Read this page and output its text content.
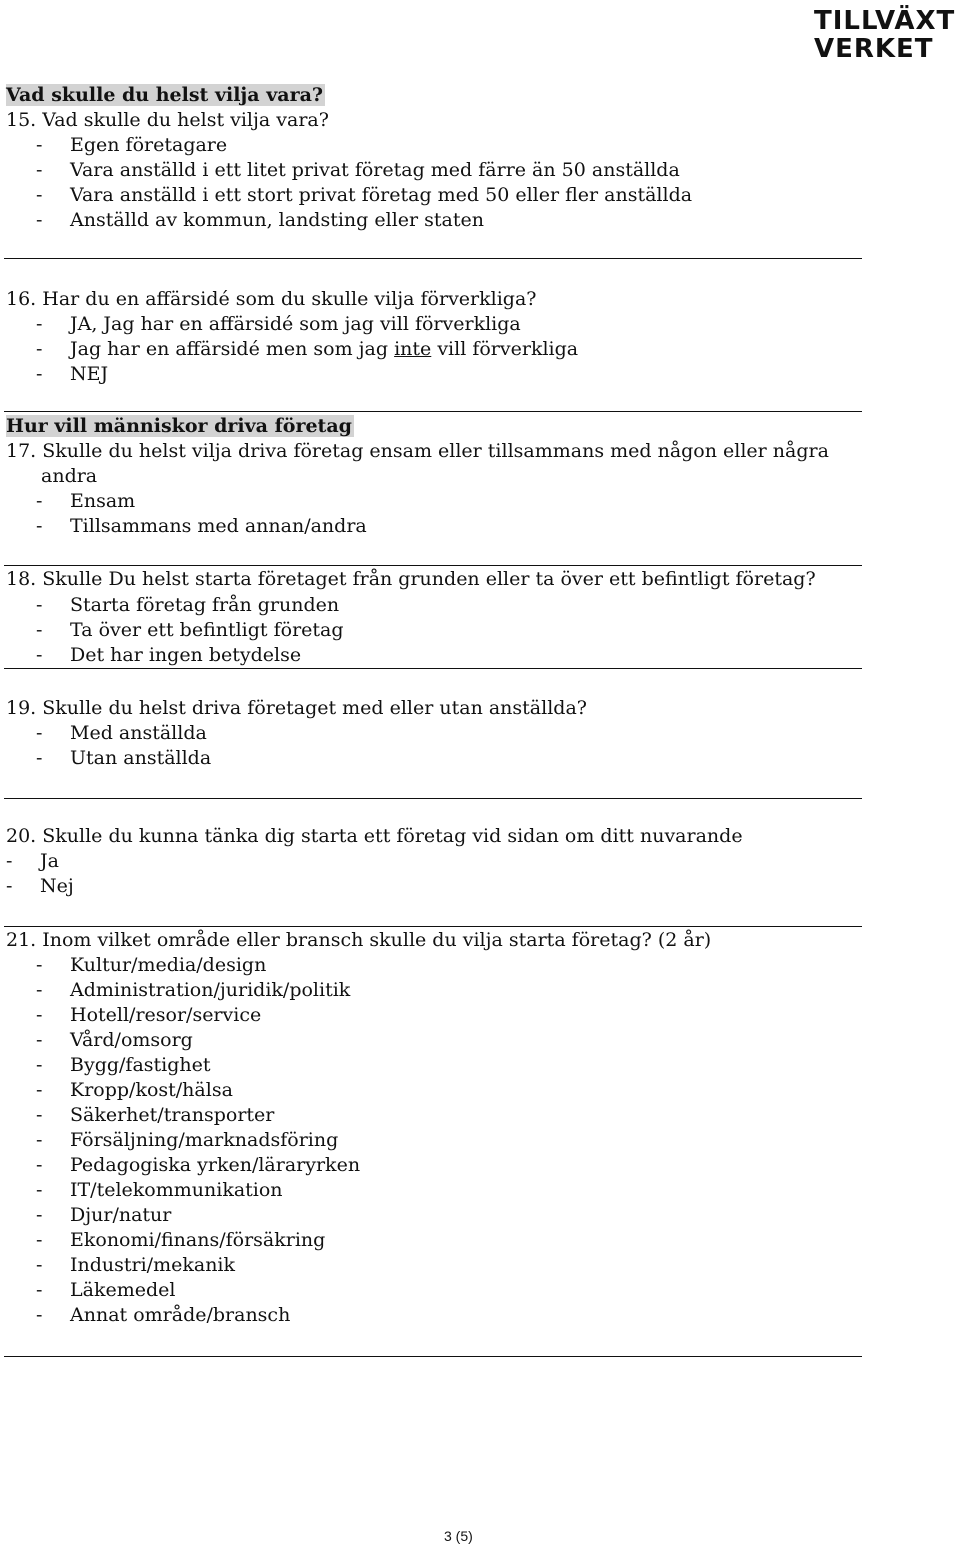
TILLVÄXT
VERKET
Vad skulle du helst vilja vara?
15. Vad skulle du helst vilja vara?
- Egen företagare
- Vara anställd i ett litet privat företag med färre än 50 anställda
- Vara anställd i ett stort privat företag med 50 eller fler anställda
- Anställd av kommun, landsting eller staten
16. Har du en affärsidé som du skulle vilja förverkliga?
- JA, Jag har en affärsidé som jag vill förverkliga
- Jag har en affärsidé men som jag inte vill förverkliga
- NEJ
Hur vill människor driva företag
17. Skulle du helst vilja driva företag ensam eller tillsammans med någon eller några
andra
- Ensam
- Tillsammans med annan/andra
18. Skulle Du helst starta företaget från grunden eller ta över ett befintligt företag?
- Starta företag från grunden
- Ta över ett befintligt företag
- Det har ingen betydelse
19. Skulle du helst driva företaget med eller utan anställda?
- Med anställda
- Utan anställda
20. Skulle du kunna tänka dig starta ett företag vid sidan om ditt nuvarande
- Ja
- Nej
21. Inom vilket område eller bransch skulle du vilja starta företag? (2 år)
- Kultur/media/design
- Administration/juridik/politik
- Hotell/resor/service
- Vård/omsorg
- Bygg/fastighet
- Kropp/kost/hälsa
- Säkerhet/transporter
- Försäljning/marknadsföring
- Pedagogiska yrken/läraryrken
- IT/telekommunikation
- Djur/natur
- Ekonomi/finans/försäkring
- Industri/mekanik
- Läkemedel
- Annat område/bransch
3 (5)
